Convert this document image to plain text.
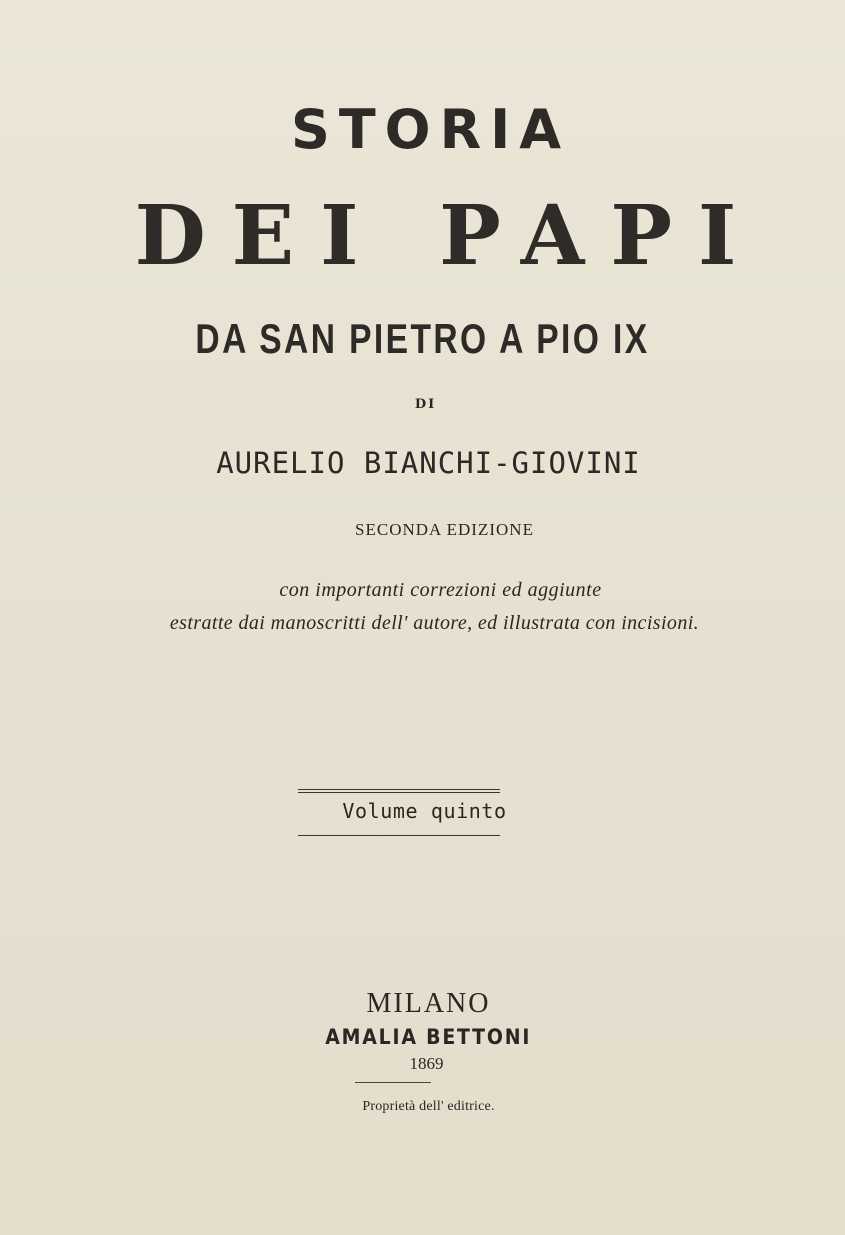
STORIA
DEI PAPI
DA SAN PIETRO A PIO IX
DI
AURELIO BIANCHI-GIOVINI
SECONDA EDIZIONE
con importanti correzioni ed aggiunte
estratte dai manoscritti dell' autore, ed illustrata con incisioni.
Volume quinto
MILANO
AMALIA BETTONI
1869
Proprietà dell' editrice.
